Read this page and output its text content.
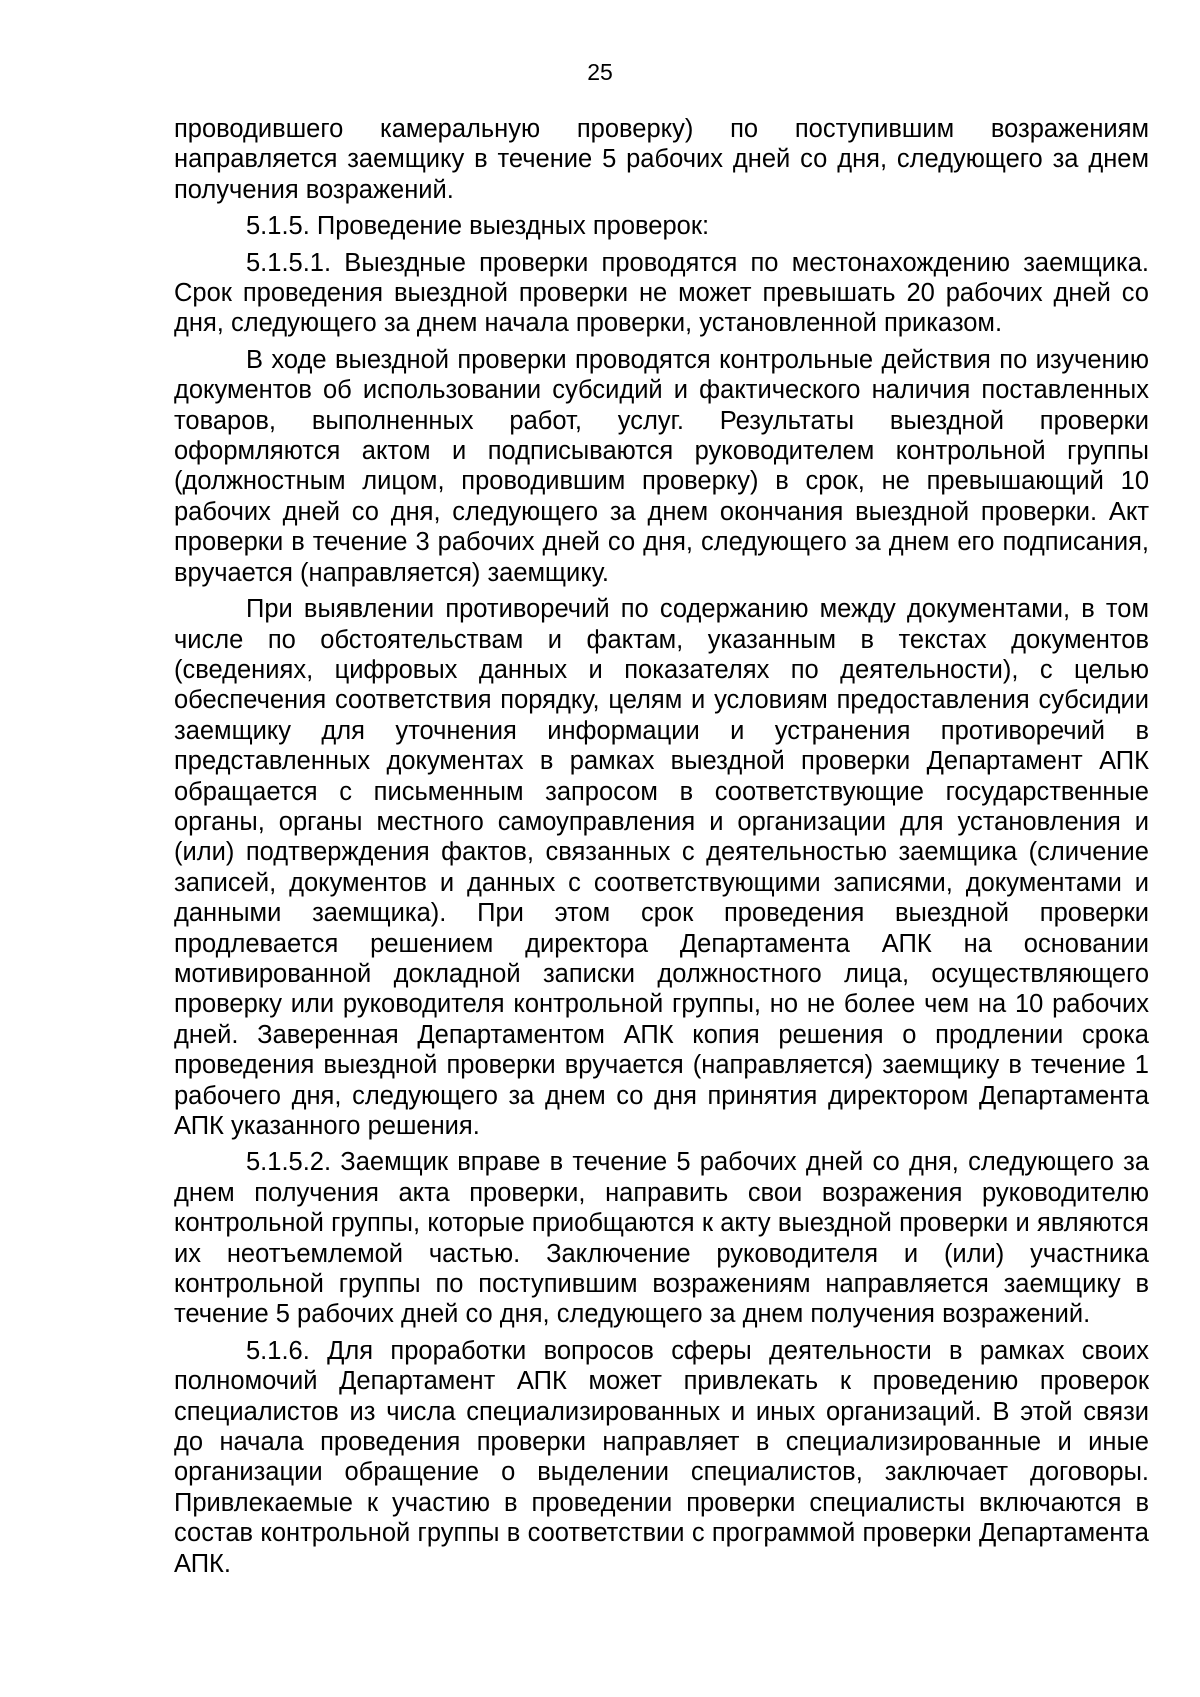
25

проводившего камеральную проверку) по поступившим возражениям направляется заемщику в течение 5 рабочих дней со дня, следующего за днем получения возражений.

5.1.5. Проведение выездных проверок:

5.1.5.1. Выездные проверки проводятся по местонахождению заемщика. Срок проведения выездной проверки не может превышать 20 рабочих дней со дня, следующего за днем начала проверки, установленной приказом.

В ходе выездной проверки проводятся контрольные действия по изучению документов об использовании субсидий и фактического наличия поставленных товаров, выполненных работ, услуг. Результаты выездной проверки оформляются актом и подписываются руководителем контрольной группы (должностным лицом, проводившим проверку) в срок, не превышающий 10 рабочих дней со дня, следующего за днем окончания выездной проверки. Акт проверки в течение 3 рабочих дней со дня, следующего за днем его подписания, вручается (направляется) заемщику.

При выявлении противоречий по содержанию между документами, в том числе по обстоятельствам и фактам, указанным в текстах документов (сведениях, цифровых данных и показателях по деятельности), с целью обеспечения соответствия порядку, целям и условиям предоставления субсидии заемщику для уточнения информации и устранения противоречий в представленных документах в рамках выездной проверки Департамент АПК обращается с письменным запросом в соответствующие государственные органы, органы местного самоуправления и организации для установления и (или) подтверждения фактов, связанных с деятельностью заемщика (сличение записей, документов и данных с соответствующими записями, документами и данными заемщика). При этом срок проведения выездной проверки продлевается решением директора Департамента АПК на основании мотивированной докладной записки должностного лица, осуществляющего проверку или руководителя контрольной группы, но не более чем на 10 рабочих дней. Заверенная Департаментом АПК копия решения о продлении срока проведения выездной проверки вручается (направляется) заемщику в течение 1 рабочего дня, следующего за днем со дня принятия директором Департамента АПК указанного решения.

5.1.5.2. Заемщик вправе в течение 5 рабочих дней со дня, следующего за днем получения акта проверки, направить свои возражения руководителю контрольной группы, которые приобщаются к акту выездной проверки и являются их неотъемлемой частью. Заключение руководителя и (или) участника контрольной группы по поступившим возражениям направляется заемщику в течение 5 рабочих дней со дня, следующего за днем получения возражений.

5.1.6. Для проработки вопросов сферы деятельности в рамках своих полномочий Департамент АПК может привлекать к проведению проверок специалистов из числа специализированных и иных организаций. В этой связи до начала проведения проверки направляет в специализированные и иные организации обращение о выделении специалистов, заключает договоры. Привлекаемые к участию в проведении проверки специалисты включаются в состав контрольной группы в соответствии с программой проверки Департамента АПК.
